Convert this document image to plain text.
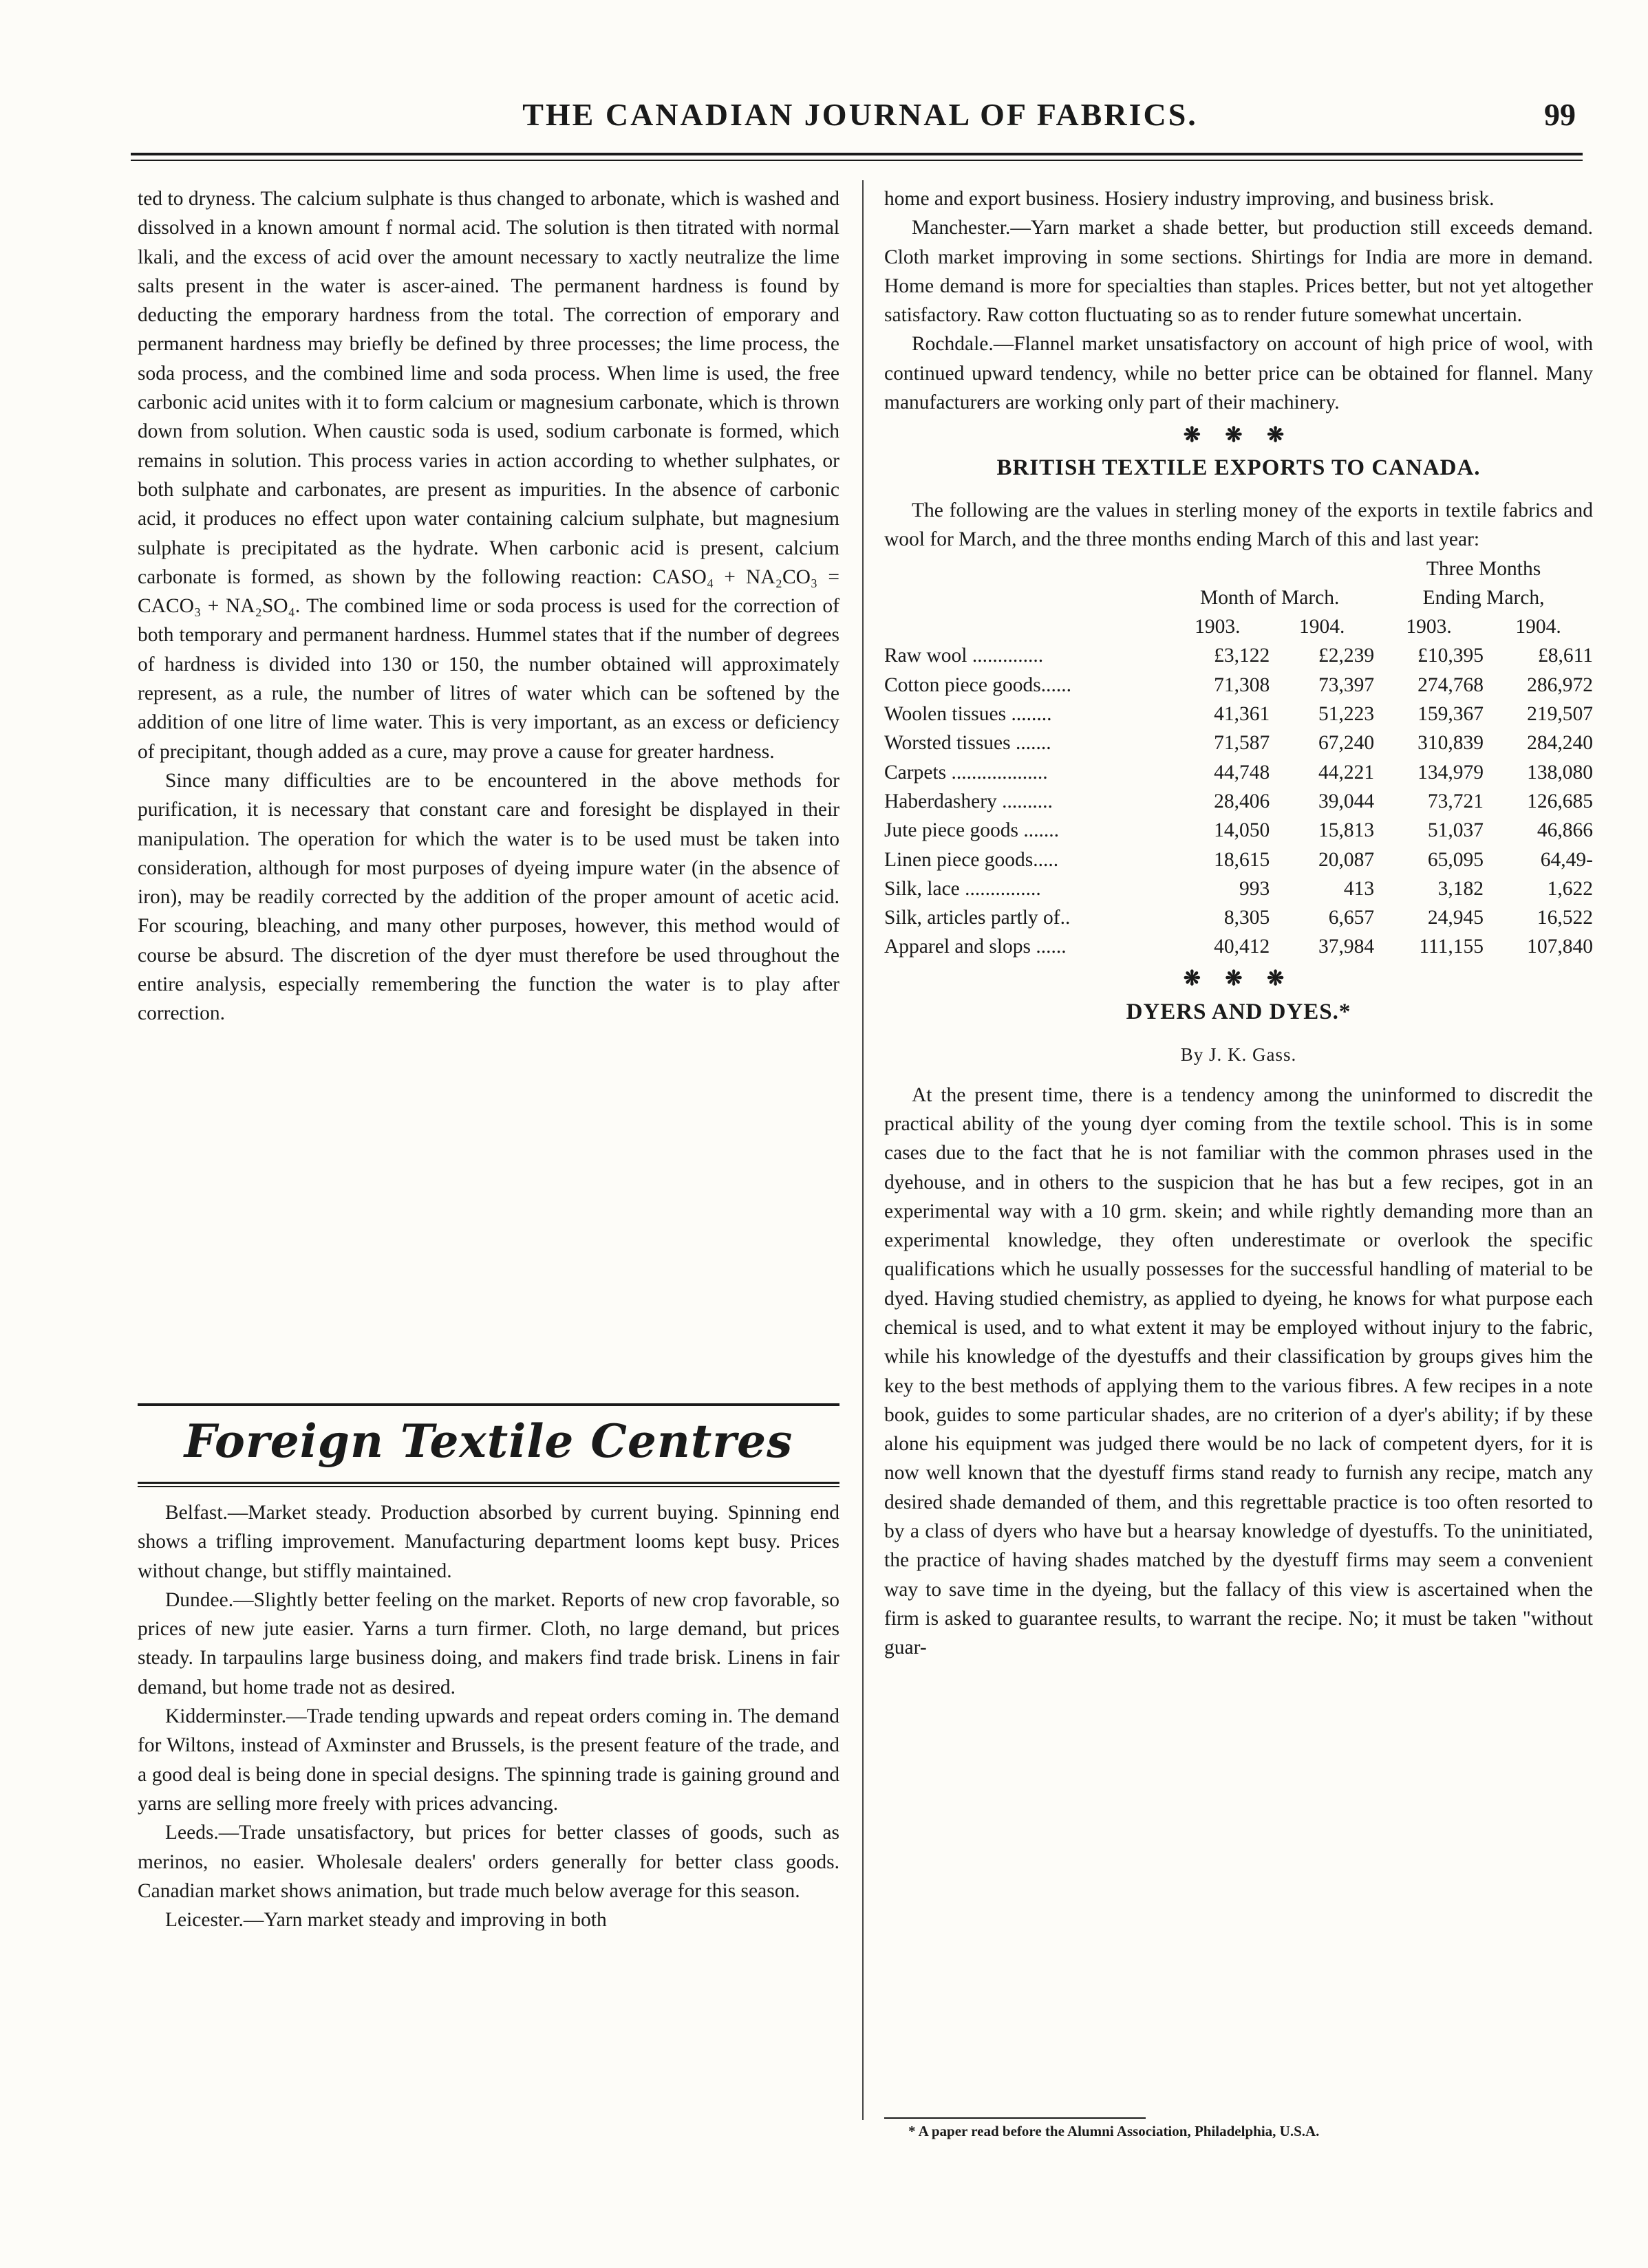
THE CANADIAN JOURNAL OF FABRICS.	99

ted to dryness. The calcium sulphate is thus changed to arbonate, which is washed and dissolved in a known amount f normal acid. The solution is then titrated with normal lkali, and the excess of acid over the amount necessary to xactly neutralize the lime salts present in the water is ascer-ained. The permanent hardness is found by deducting the emporary hardness from the total. The correction of emporary and permanent hardness may briefly be defined by three processes; the lime process, the soda process, and the combined lime and soda process. When lime is used, the free carbonic acid unites with it to form calcium or magnesium carbonate, which is thrown down from solution. When caustic soda is used, sodium carbonate is formed, which remains in solution. This process varies in action according to whether sulphates, or both sulphate and carbonates, are present as impurities. In the absence of carbonic acid, it produces no effect upon water containing calcium sulphate, but magnesium sulphate is precipitated as the hydrate. When carbonic acid is present, calcium carbonate is formed, as shown by the following reaction: CASO₄ + NA₂CO₃ = CACO₃ + NA₂SO₄. The combined lime or soda process is used for the correction of both temporary and permanent hardness. Hummel states that if the number of degrees of hardness is divided into 130 or 150, the number obtained will approximately represent, as a rule, the number of litres of water which can be softened by the addition of one litre of lime water. This is very important, as an excess or deficiency of precipitant, though added as a cure, may prove a cause for greater hardness.

Since many difficulties are to be encountered in the above methods for purification, it is necessary that constant care and foresight be displayed in their manipulation. The operation for which the water is to be used must be taken into consideration, although for most purposes of dyeing impure water (in the absence of iron), may be readily corrected by the addition of the proper amount of acetic acid. For scouring, bleaching, and many other purposes, however, this method would of course be absurd. The discretion of the dyer must therefore be used throughout the entire analysis, especially remembering the function the water is to play after correction.

Foreign Textile Centres

Belfast.—Market steady. Production absorbed by current buying. Spinning end shows a trifling improvement. Manufacturing department looms kept busy. Prices without change, but stiffly maintained.

Dundee.—Slightly better feeling on the market. Reports of new crop favorable, so prices of new jute easier. Yarns a turn firmer. Cloth, no large demand, but prices steady. In tarpaulins large business doing, and makers find trade brisk. Linens in fair demand, but home trade not as desired.

Kidderminster.—Trade tending upwards and repeat orders coming in. The demand for Wiltons, instead of Axminster and Brussels, is the present feature of the trade, and a good deal is being done in special designs. The spinning trade is gaining ground and yarns are selling more freely with prices advancing.

Leeds.—Trade unsatisfactory, but prices for better classes of goods, such as merinos, no easier. Wholesale dealers' orders generally for better class goods. Canadian market shows animation, but trade much below average for this season.

Leicester.—Yarn market steady and improving in both

home and export business. Hosiery industry improving, and business brisk.

Manchester.—Yarn market a shade better, but production still exceeds demand. Cloth market improving in some sections. Shirtings for India are more in demand. Home demand is more for specialties than staples. Prices better, but not yet altogether satisfactory. Raw cotton fluctuating so as to render future somewhat uncertain.

Rochdale.—Flannel market unsatisfactory on account of high price of wool, with continued upward tendency, while no better price can be obtained for flannel. Many manufacturers are working only part of their machinery.

❋ ❋ ❋
BRITISH TEXTILE EXPORTS TO CANADA.

The following are the values in sterling money of the exports in textile fabrics and wool for March, and the three months ending March of this and last year:

			Three Months	
	Month of March.		Ending March,	
	1903.	1904.	1903.	1904.
Raw wool ..............	£3,122	£2,239	£10,395	£8,611
Cotton piece goods......	71,308	73,397	274,768	286,972
Woolen tissues ........	41,361	51,223	159,367	219,507
Worsted tissues .......	71,587	67,240	310,839	284,240
Carpets ...................	44,748	44,221	134,979	138,080
Haberdashery ..........	28,406	39,044	73,721	126,685
Jute piece goods .......	14,050	15,813	51,037	46,866
Linen piece goods.....	18,615	20,087	65,095	64,49-
Silk, lace ...............	993	413	3,182	1,622
Silk, articles partly of..	8,305	6,657	24,945	16,522
Apparel and slops ......	40,412	37,984	111,155	107,840
❋ ❋ ❋
DYERS AND DYES.*
By J. K. Gass.

At the present time, there is a tendency among the uninformed to discredit the practical ability of the young dyer coming from the textile school. This is in some cases due to the fact that he is not familiar with the common phrases used in the dyehouse, and in others to the suspicion that he has but a few recipes, got in an experimental way with a 10 grm. skein; and while rightly demanding more than an experimental knowledge, they often underestimate or overlook the specific qualifications which he usually possesses for the successful handling of material to be dyed. Having studied chemistry, as applied to dyeing, he knows for what purpose each chemical is used, and to what extent it may be employed without injury to the fabric, while his knowledge of the dyestuffs and their classification by groups gives him the key to the best methods of applying them to the various fibres. A few recipes in a note book, guides to some particular shades, are no criterion of a dyer's ability; if by these alone his equipment was judged there would be no lack of competent dyers, for it is now well known that the dyestuff firms stand ready to furnish any recipe, match any desired shade demanded of them, and this regrettable practice is too often resorted to by a class of dyers who have but a hearsay knowledge of dyestuffs. To the uninitiated, the practice of having shades matched by the dyestuff firms may seem a convenient way to save time in the dyeing, but the fallacy of this view is ascertained when the firm is asked to guarantee results, to warrant the recipe. No; it must be taken "without guar-

* A paper read before the Alumni Association, Philadelphia, U.S.A.
